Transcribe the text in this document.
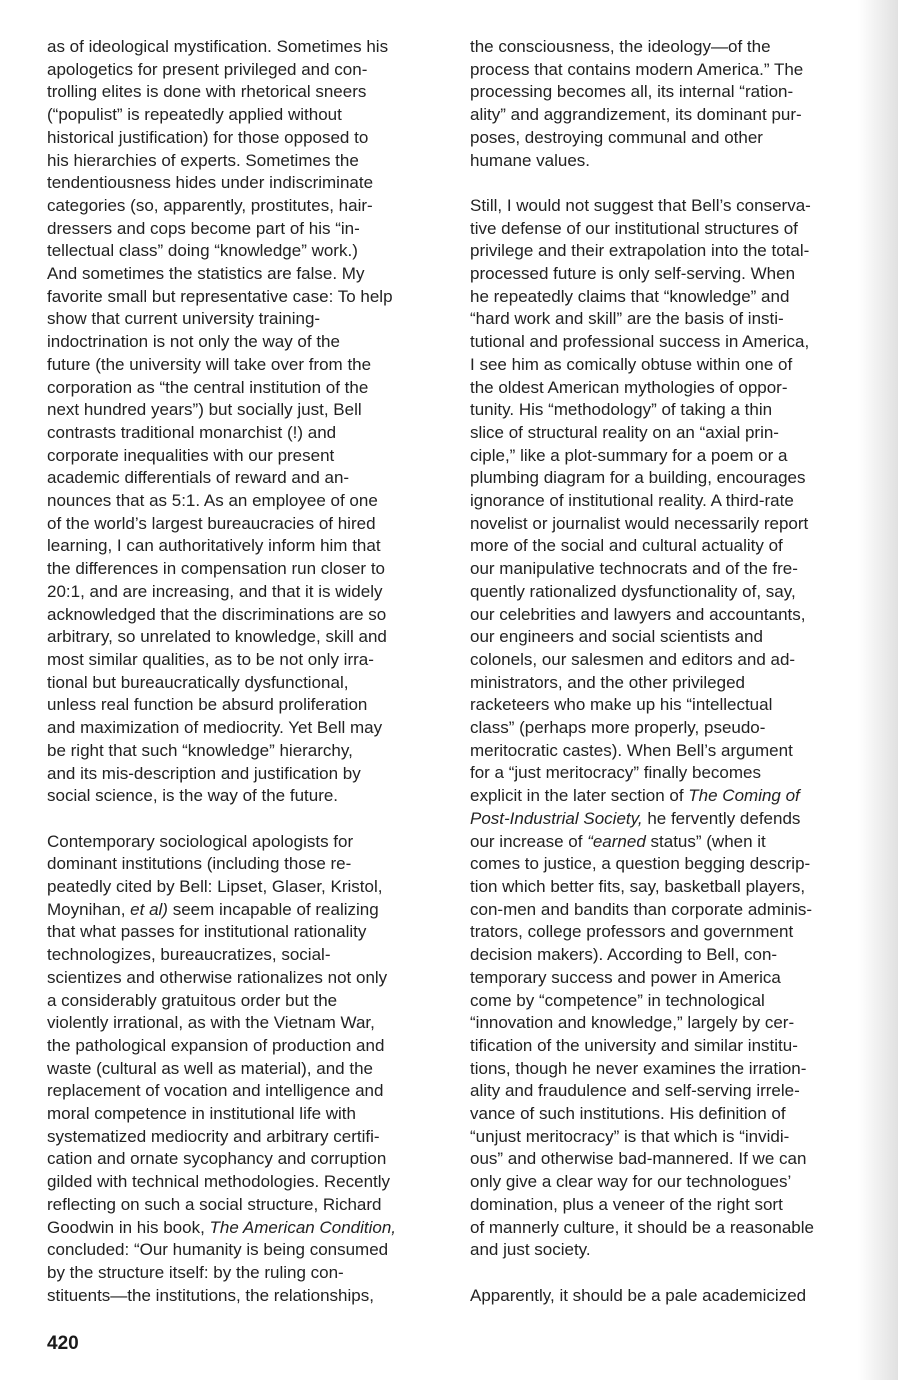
as of ideological mystification. Sometimes his
apologetics for present privileged and con-
trolling elites is done with rhetorical sneers
(“populist” is repeatedly applied without
historical justification) for those opposed to
his hierarchies of experts. Sometimes the
tendentiousness hides under indiscriminate
categories (so, apparently, prostitutes, hair-
dressers and cops become part of his “in-
tellectual class” doing “knowledge” work.)
And sometimes the statistics are false. My
favorite small but representative case: To help
show that current university training-
indoctrination is not only the way of the
future (the university will take over from the
corporation as “the central institution of the
next hundred years”) but socially just, Bell
contrasts traditional monarchist (!) and
corporate inequalities with our present
academic differentials of reward and an-
nounces that as 5:1. As an employee of one
of the world’s largest bureaucracies of hired
learning, I can authoritatively inform him that
the differences in compensation run closer to
20:1, and are increasing, and that it is widely
acknowledged that the discriminations are so
arbitrary, so unrelated to knowledge, skill and
most similar qualities, as to be not only irra-
tional but bureaucratically dysfunctional,
unless real function be absurd proliferation
and maximization of mediocrity. Yet Bell may
be right that such “knowledge” hierarchy,
and its mis-description and justification by
social science, is the way of the future.

Contemporary sociological apologists for
dominant institutions (including those re-
peatedly cited by Bell: Lipset, Glaser, Kristol,
Moynihan, et al) seem incapable of realizing
that what passes for institutional rationality
technologizes, bureaucratizes, social-
scientizes and otherwise rationalizes not only
a considerably gratuitous order but the
violently irrational, as with the Vietnam War,
the pathological expansion of production and
waste (cultural as well as material), and the
replacement of vocation and intelligence and
moral competence in institutional life with
systematized mediocrity and arbitrary certifi-
cation and ornate sycophancy and corruption
gilded with technical methodologies. Recently
reflecting on such a social structure, Richard
Goodwin in his book, The American Condition,
concluded: “Our humanity is being consumed
by the structure itself: by the ruling con-
stituents—the institutions, the relationships,

the consciousness, the ideology—of the
process that contains modern America.” The
processing becomes all, its internal “ration-
ality” and aggrandizement, its dominant pur-
poses, destroying communal and other
humane values.

Still, I would not suggest that Bell’s conserva-
tive defense of our institutional structures of
privilege and their extrapolation into the total-
processed future is only self-serving. When
he repeatedly claims that “knowledge” and
“hard work and skill” are the basis of insti-
tutional and professional success in America,
I see him as comically obtuse within one of
the oldest American mythologies of oppor-
tunity. His “methodology” of taking a thin
slice of structural reality on an “axial prin-
ciple,” like a plot-summary for a poem or a
plumbing diagram for a building, encourages
ignorance of institutional reality. A third-rate
novelist or journalist would necessarily report
more of the social and cultural actuality of
our manipulative technocrats and of the fre-
quently rationalized dysfunctionality of, say,
our celebrities and lawyers and accountants,
our engineers and social scientists and
colonels, our salesmen and editors and ad-
ministrators, and the other privileged
racketeers who make up his “intellectual
class” (perhaps more properly, pseudo-
meritocratic castes). When Bell’s argument
for a “just meritocracy” finally becomes
explicit in the later section of The Coming of
Post-Industrial Society, he fervently defends
our increase of “earned status” (when it
comes to justice, a question begging descrip-
tion which better fits, say, basketball players,
con-men and bandits than corporate adminis-
trators, college professors and government
decision makers). According to Bell, con-
temporary success and power in America
come by “competence” in technological
“innovation and knowledge,” largely by cer-
tification of the university and similar institu-
tions, though he never examines the irration-
ality and fraudulence and self-serving irrele-
vance of such institutions. His definition of
“unjust meritocracy” is that which is “invidi-
ous” and otherwise bad-mannered. If we can
only give a clear way for our technologues’
domination, plus a veneer of the right sort
of mannerly culture, it should be a reasonable
and just society.

Apparently, it should be a pale academicized

420
